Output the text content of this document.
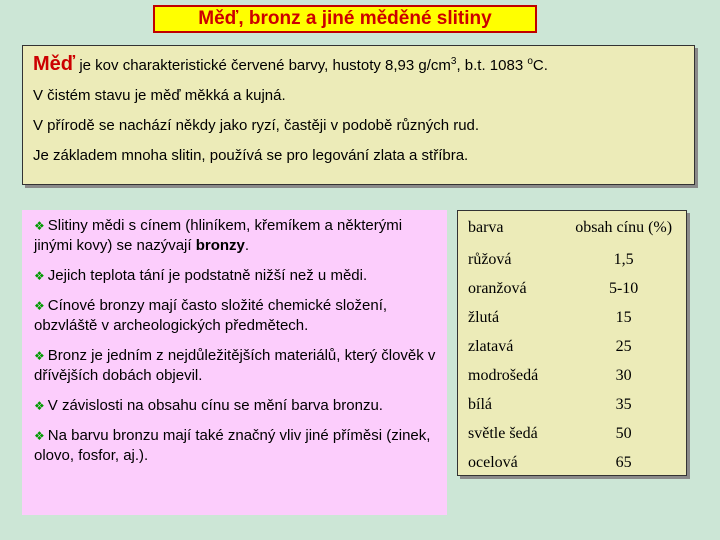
Měď, bronz a jiné měděné slitiny

Měď je kov charakteristické červené barvy, hustoty 8,93 $g/cm^3$, b.t. 1083 $^o$C.

V čistém stavu je měď měkká a kujná.

V přírodě se nachází někdy jako ryzí, častěji v podobě různých rud.

Je základem mnoha slitin, používá se pro legování zlata a stříbra.

❖ Slitiny mědi s cínem (hliníkem, křemíkem a některými jinými kovy) se nazývají bronzy.
❖ Jejich teplota tání je podstatně nižší než u mědi.
❖ Cínové bronzy mají často složité chemické složení, obzvláště v archeologických předmětech.
❖ Bronz je jedním z nejdůležitějších materiálů, který člověk v dřívějších dobách objevil.
❖ V závislosti na obsahu cínu se mění barva bronzu.
❖ Na barvu bronzu mají také značný vliv jiné příměsi (zinek, olovo, fosfor, aj.).
barva	obsah cínu (%)
růžová	1,5
oranžová	5-10
žlutá	15
zlatavá	25
modrošedá	30
bílá	35
světle šedá	50
ocelová	65
